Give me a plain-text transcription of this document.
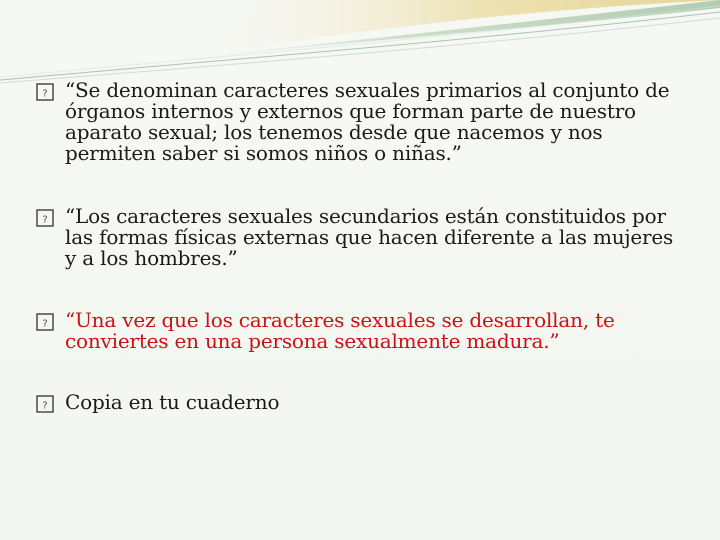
? “Se denominan caracteres sexuales primarios al conjunto de órganos internos y externos que forman parte de nuestro aparato sexual; los tenemos desde que nacemos y nos permiten saber si somos niños o niñas.”
? “Los caracteres sexuales secundarios están constituidos por las formas físicas externas que hacen diferente a las mujeres y a los hombres.”
? “Una vez que los caracteres sexuales se desarrollan, te conviertes en una persona sexualmente madura.”
? Copia en tu cuaderno
